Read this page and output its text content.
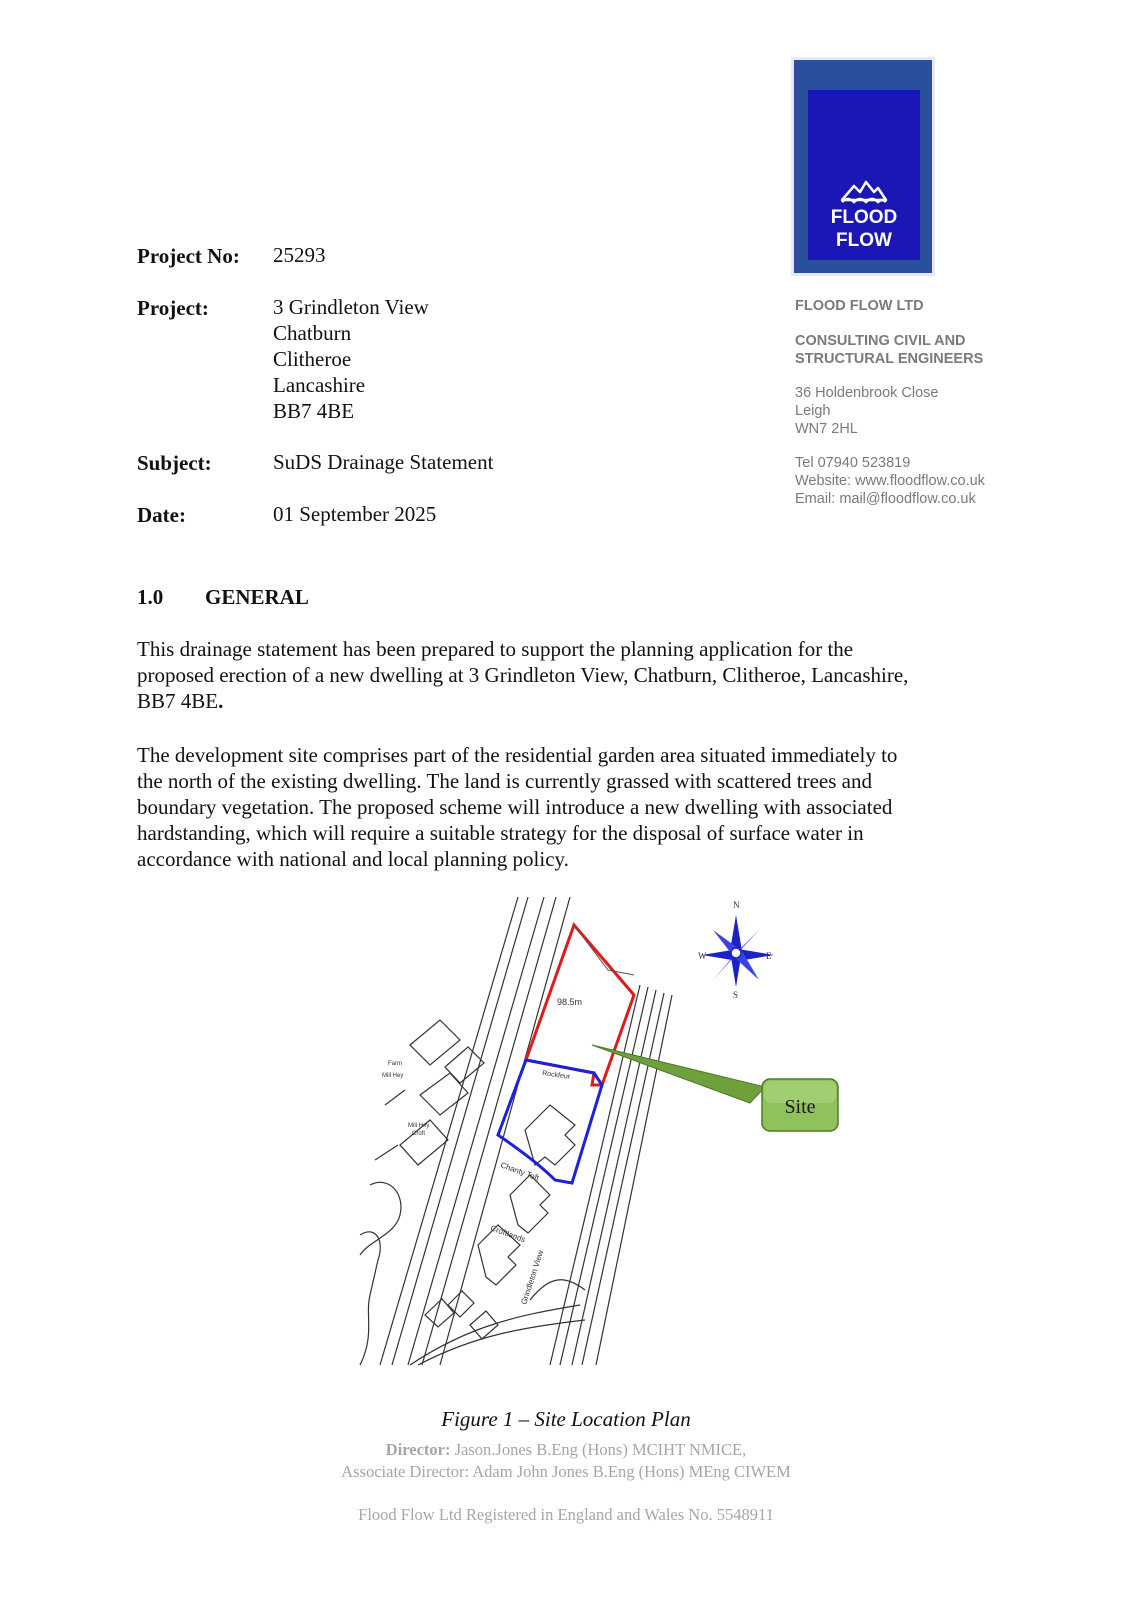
FLOOD
FLOW
Project No: 25293
Project:	3 Grindleton View
Chatburn
Clitheroe
Lancashire
BB7 4BE
Subject:	SuDS Drainage Statement
Date:	01 September 2025
FLOOD FLOW LTD
CONSULTING CIVIL AND
STRUCTURAL ENGINEERS
36 Holdenbrook Close
Leigh
WN7 2HL
Tel 07940 523819
Website: www.floodflow.co.uk
Email: mail@floodflow.co.uk
1.0 GENERAL
This drainage statement has been prepared to support the planning application for the
proposed erection of a new dwelling at 3 Grindleton View, Chatburn, Clitheroe, Lancashire,
BB7 4BE.
The development site comprises part of the residential garden area situated immediately to
the north of the existing dwelling. The land is currently grassed with scattered trees and
boundary vegetation. The proposed scheme will introduce a new dwelling with associated
hardstanding, which will require a suitable strategy for the disposal of surface water in
accordance with national and local planning policy.
98.5m
Rockfeur
Chanty Toft
Croftlands
Grindleton View
Farm
Mill Hey
Mill Hey
Croft
N
S
E
W
Site
Figure 1 – Site Location Plan
Director: Jason.Jones B.Eng (Hons) MCIHT NMICE,
Associate Director: Adam John Jones B.Eng (Hons) MEng CIWEM
Flood Flow Ltd Registered in England and Wales No. 5548911
